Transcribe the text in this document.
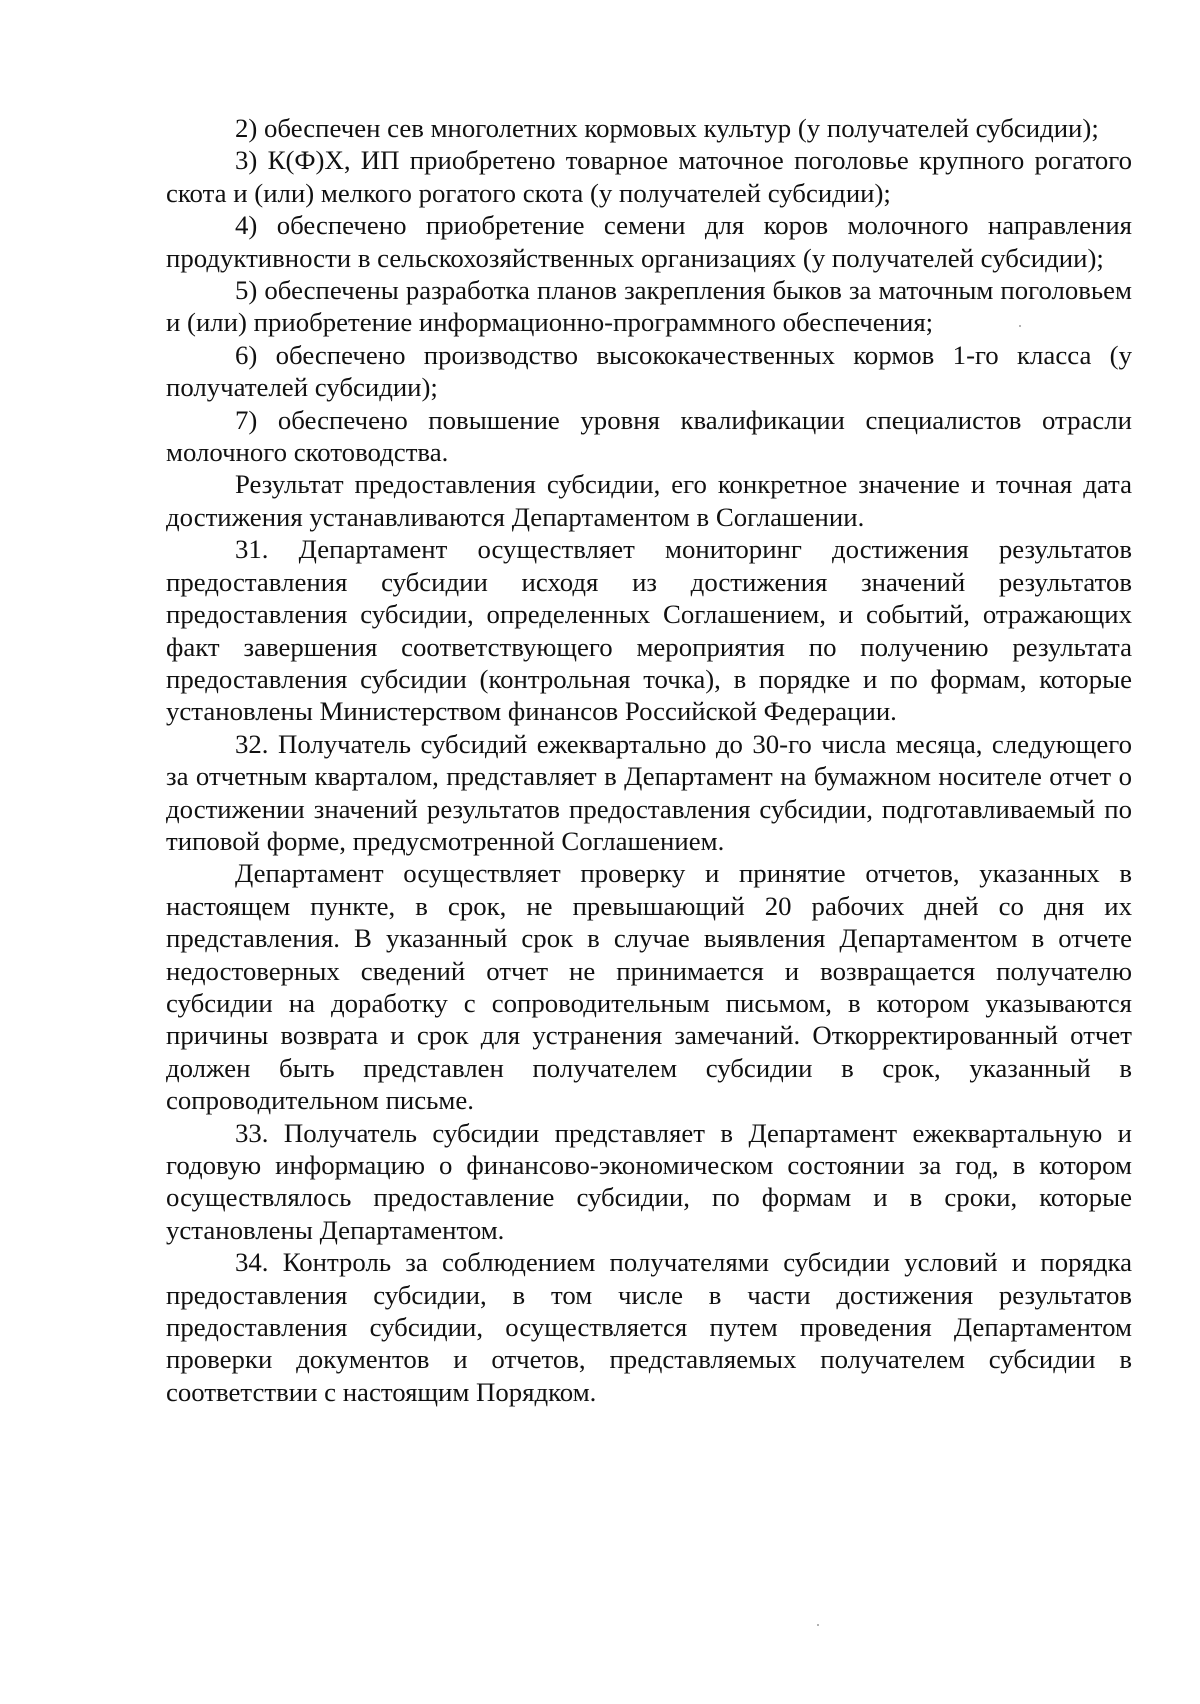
2) обеспечен сев многолетних кормовых культур (у получателей субсидии);

3) К(Ф)Х, ИП приобретено товарное маточное поголовье крупного рогатого скота и (или) мелкого рогатого скота (у получателей субсидии);

4) обеспечено приобретение семени для коров молочного направления продуктивности в сельскохозяйственных организациях (у получателей субсидии);

5) обеспечены разработка планов закрепления быков за маточным поголовьем и (или) приобретение информационно-программного обеспечения;

6) обеспечено производство высококачественных кормов 1-го класса (у получателей субсидии);

7) обеспечено повышение уровня квалификации специалистов отрасли молочного скотоводства.

Результат предоставления субсидии, его конкретное значение и точная дата достижения устанавливаются Департаментом в Соглашении.

31. Департамент осуществляет мониторинг достижения результатов предоставления субсидии исходя из достижения значений результатов предоставления субсидии, определенных Соглашением, и событий, отражающих факт завершения соответствующего мероприятия по получению результата предоставления субсидии (контрольная точка), в порядке и по формам, которые установлены Министерством финансов Российской Федерации.

32. Получатель субсидий ежеквартально до 30-го числа месяца, следующего за отчетным кварталом, представляет в Департамент на бумажном носителе отчет о достижении значений результатов предоставления субсидии, подготавливаемый по типовой форме, предусмотренной Соглашением.

Департамент осуществляет проверку и принятие отчетов, указанных в настоящем пункте, в срок, не превышающий 20 рабочих дней со дня их представления. В указанный срок в случае выявления Департаментом в отчете недостоверных сведений отчет не принимается и возвращается получателю субсидии на доработку с сопроводительным письмом, в котором указываются причины возврата и срок для устранения замечаний. Откорректированный отчет должен быть представлен получателем субсидии в срок, указанный в сопроводительном письме.

33. Получатель субсидии представляет в Департамент ежеквартальную и годовую информацию о финансово-экономическом состоянии за год, в котором осуществлялось предоставление субсидии, по формам и в сроки, которые установлены Департаментом.

34. Контроль за соблюдением получателями субсидии условий и порядка предоставления субсидии, в том числе в части достижения результатов предоставления субсидии, осуществляется путем проведения Департаментом проверки документов и отчетов, представляемых получателем субсидии в соответствии с настоящим Порядком.
